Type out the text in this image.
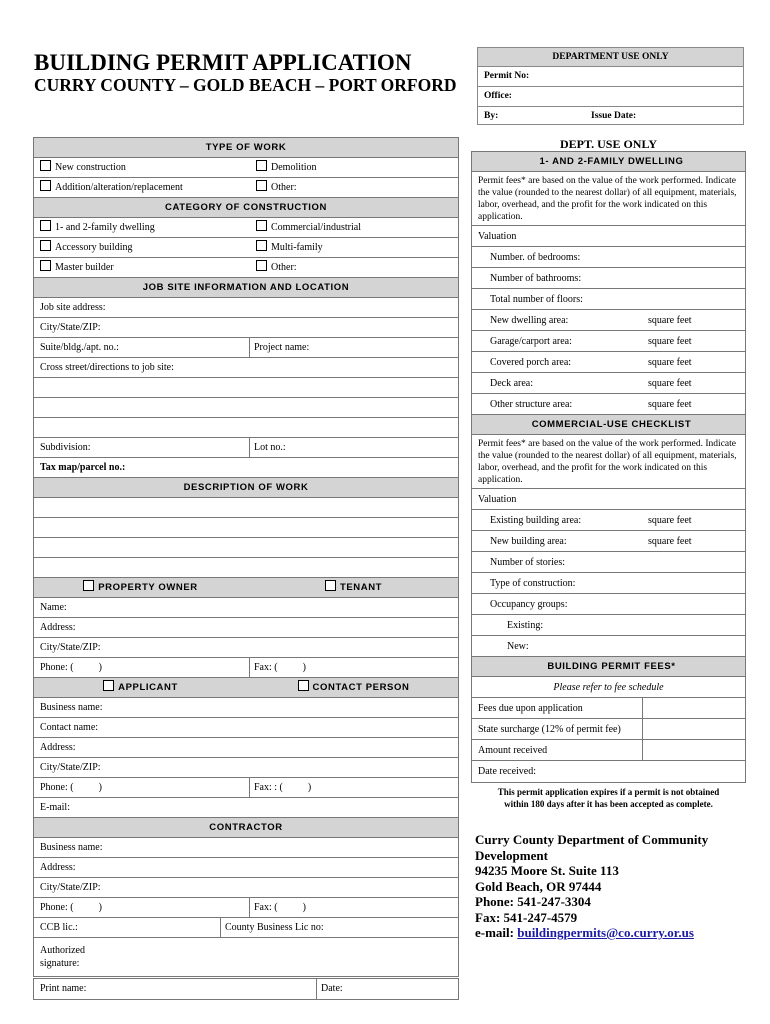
BUILDING PERMIT APPLICATION
CURRY COUNTY – GOLD BEACH – PORT ORFORD
DEPARTMENT USE ONLY
Permit No:
Office:
By:	Issue Date:
TYPE OF WORK
New construction	Demolition
Addition/alteration/replacement	Other:
CATEGORY OF CONSTRUCTION
1- and 2-family dwelling	Commercial/industrial
Accessory building	Multi-family
Master builder	Other:
JOB SITE INFORMATION AND LOCATION
Job site address:
City/State/ZIP:
Suite/bldg./apt. no.:	Project name:
Cross street/directions to job site:
Subdivision:	Lot no.:
Tax map/parcel no.:
DESCRIPTION OF WORK
PROPERTY OWNER	TENANT
Name:
Address:
City/State/ZIP:
Phone: (          )	Fax: (          )
APPLICANT	CONTACT PERSON
Business name:
Contact name:
Address:
City/State/ZIP:
Phone: (          )	Fax: : (          )
E-mail:
CONTRACTOR
Business name:
Address:
City/State/ZIP:
Phone: (          )	Fax: (          )
CCB lic.:	County Business Lic no:
Authorized
signature:
Print name:	Date:
DEPT. USE ONLY
1- AND 2-FAMILY DWELLING
Permit fees* are based on the value of the work performed. Indicate the value (rounded to the nearest dollar) of all equipment, materials, labor, overhead, and the profit for the work indicated on this application.
Valuation
Number. of bedrooms:
Number of bathrooms:
Total number of floors:
New dwelling area:	square feet
Garage/carport area:	square feet
Covered porch area:	square feet
Deck area:	square feet
Other structure area:	square feet
COMMERCIAL-USE CHECKLIST
Permit fees* are based on the value of the work performed. Indicate the value (rounded to the nearest dollar) of all equipment, materials, labor, overhead, and the profit for the work indicated on this application.
Valuation
Existing building area:	square feet
New building area:	square feet
Number of stories:
Type of construction:
Occupancy groups:
Existing:
New:
BUILDING PERMIT FEES*
Please refer to fee schedule
Fees due upon application
State surcharge (12% of permit fee)
Amount received
Date received:
This permit application expires if a permit is not obtained
within 180 days after it has been accepted as complete.
Curry County Department of Community
Development
94235 Moore St. Suite 113
Gold Beach, OR 97444
Phone: 541-247-3304
Fax: 541-247-4579
e-mail: buildingpermits@co.curry.or.us
